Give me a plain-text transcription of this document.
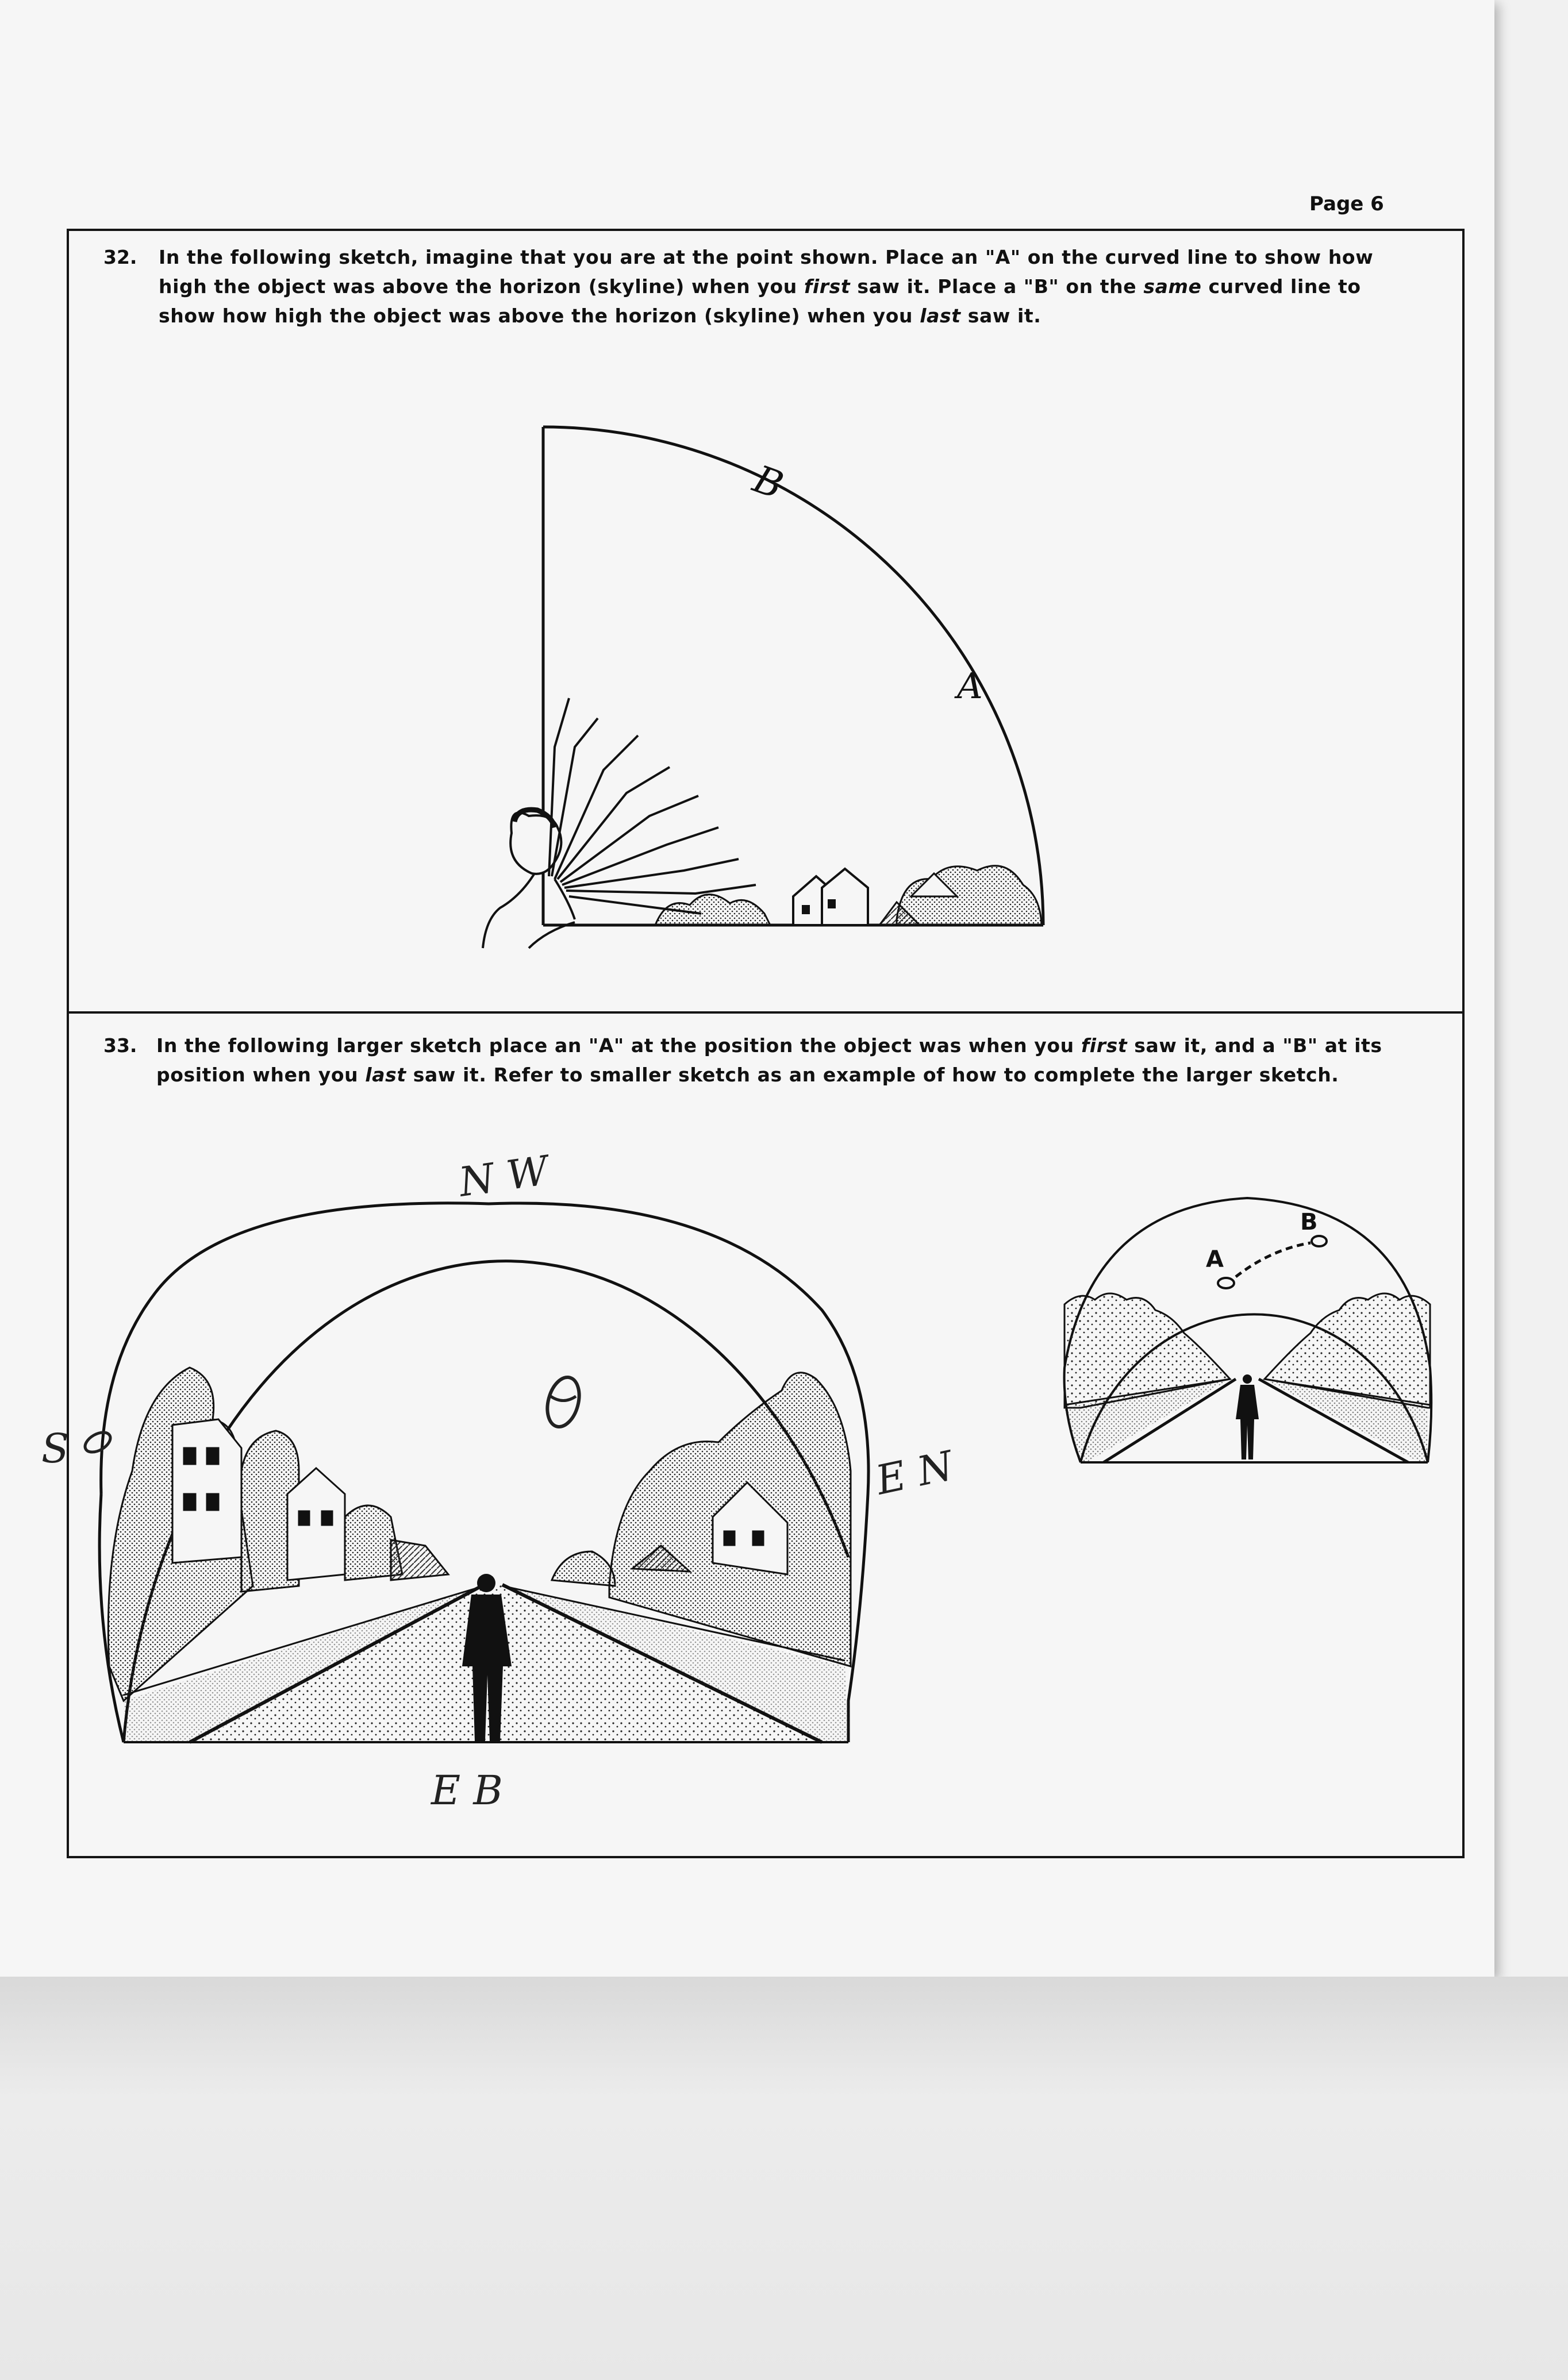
Page 6
32. In the following sketch, imagine that you are at the point shown. Place an "A" on the curved line to show how
high the object was above the horizon (skyline) when you first saw it. Place a "B" on the same curved line to
show how high the object was above the horizon (skyline) when you last saw it.
33. In the following larger sketch place an "A" at the position the object was when you first saw it, and a "B" at its
position when you last saw it. Refer to smaller sketch as an example of how to complete the larger sketch.
B
A
N W
S	E N
E B
A
B
